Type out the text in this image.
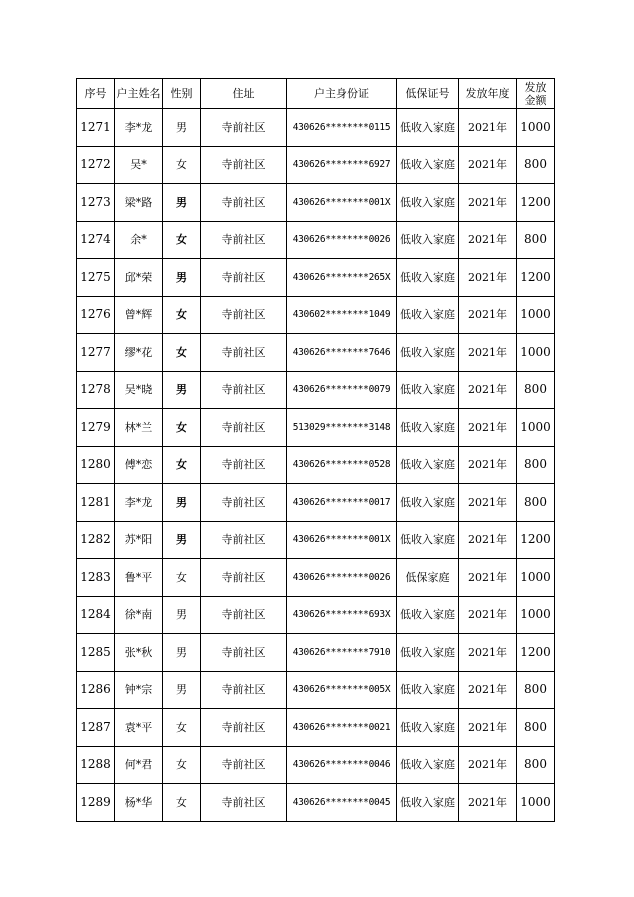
序号	户主姓名	性别	住址	户主身份证	低保证号	发放年度	发放金额
1271	李*龙	男	寺前社区	430626********0115	低收入家庭	2021年	1000
1272	吴*	女	寺前社区	430626********6927	低收入家庭	2021年	800
1273	梁*路	男	寺前社区	430626********001X	低收入家庭	2021年	1200
1274	余*	女	寺前社区	430626********0026	低收入家庭	2021年	800
1275	邱*荣	男	寺前社区	430626********265X	低收入家庭	2021年	1200
1276	曾*辉	女	寺前社区	430602********1049	低收入家庭	2021年	1000
1277	缪*花	女	寺前社区	430626********7646	低收入家庭	2021年	1000
1278	吴*晓	男	寺前社区	430626********0079	低收入家庭	2021年	800
1279	林*兰	女	寺前社区	513029********3148	低收入家庭	2021年	1000
1280	傅*恋	女	寺前社区	430626********0528	低收入家庭	2021年	800
1281	李*龙	男	寺前社区	430626********0017	低收入家庭	2021年	800
1282	苏*阳	男	寺前社区	430626********001X	低收入家庭	2021年	1200
1283	鲁*平	女	寺前社区	430626********0026	低保家庭	2021年	1000
1284	徐*南	男	寺前社区	430626********693X	低收入家庭	2021年	1000
1285	张*秋	男	寺前社区	430626********7910	低收入家庭	2021年	1200
1286	钟*宗	男	寺前社区	430626********005X	低收入家庭	2021年	800
1287	袁*平	女	寺前社区	430626********0021	低收入家庭	2021年	800
1288	何*君	女	寺前社区	430626********0046	低收入家庭	2021年	800
1289	杨*华	女	寺前社区	430626********0045	低收入家庭	2021年	1000
